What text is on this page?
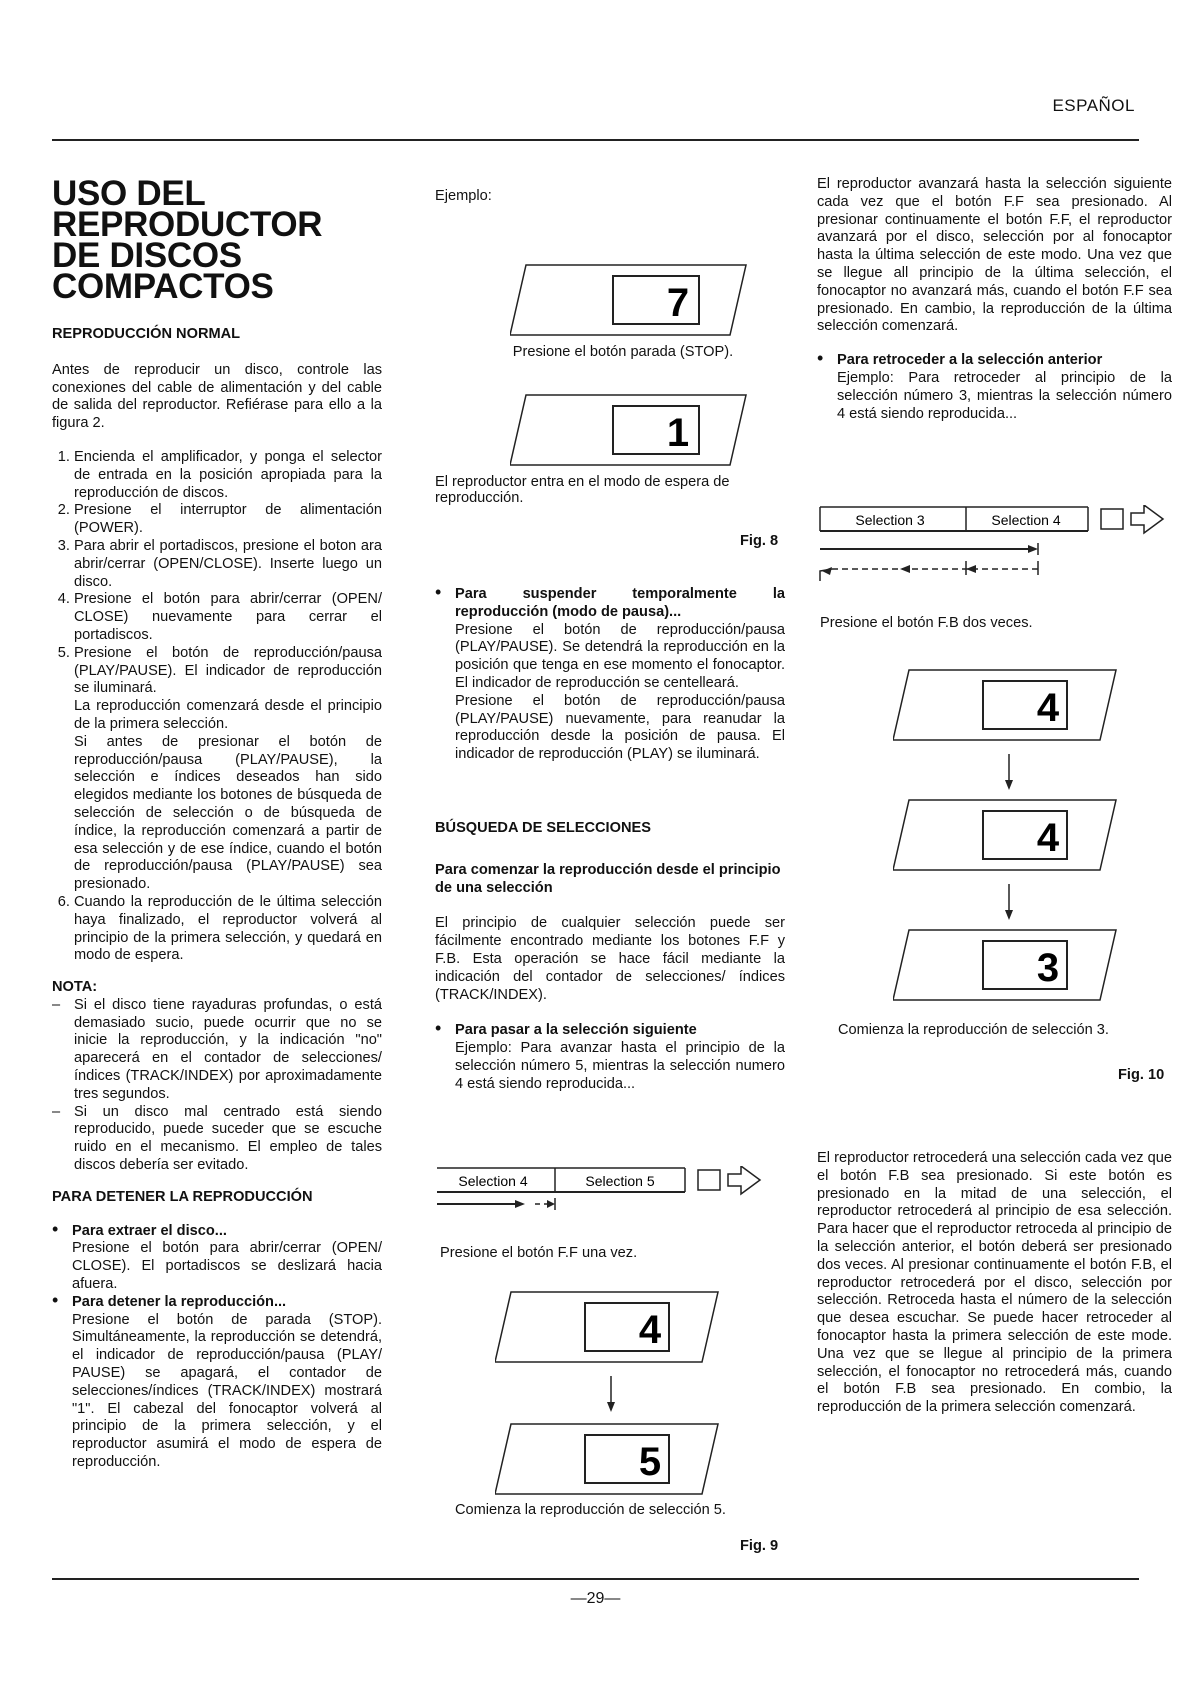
ESPAÑOL
USO DEL REPRODUCTOR DE DISCOS COMPACTOS
REPRODUCCIÓN NORMAL
Antes de reproducir un disco, controle las conexiones del cable de alimentación y del cable de salida del reproductor. Refiérase para ello a la figura 2.
1. Encienda el amplificador, y ponga el selector de entrada en la posición apropiada para la reproducción de discos.
2. Presione el interruptor de alimentación (POWER).
3. Para abrir el portadiscos, presione el boton ara abrir/cerrar (OPEN/CLOSE). Inserte luego un disco.
4. Presione el botón para abrir/cerrar (OPEN/ CLOSE) nuevamente para cerrar el portadiscos.
5. Presione el botón de reproducción/pausa (PLAY/PAUSE). El indicador de reproducción se iluminará.
La reproducción comenzará desde el principio de la primera selección.
Si antes de presionar el botón de reproducción/pausa (PLAY/PAUSE), la selección e índices deseados han sido elegidos mediante los botones de búsqueda de selección de selección o de búsqueda de índice, la reproducción comenzará a partir de esa selección y de ese índice, cuando el botón de reproducción/pausa (PLAY/PAUSE) sea presionado.
6. Cuando la reproducción de le última selección haya finalizado, el reproductor volverá al principio de la primera selección, y quedará en modo de espera.
NOTA:
– Si el disco tiene rayaduras profundas, o está demasiado sucio, puede ocurrir que no se inicie la reproducción, y la indicación "no" aparecerá en el contador de selecciones/ índices (TRACK/INDEX) por aproximadamente tres segundos.
– Si un disco mal centrado está siendo reproducido, puede suceder que se escuche ruido en el mecanismo. El empleo de tales discos debería ser evitado.
PARA DETENER LA REPRODUCCIÓN
• Para extraer el disco...
Presione el botón para abrir/cerrar (OPEN/ CLOSE). El portadiscos se deslizará hacia afuera.
• Para detener la reproducción...
Presione el botón de parada (STOP). Simultáneamente, la reproducción se detendrá, el indicador de reproducción/pausa (PLAY/ PAUSE) se apagará, el contador de selecciones/índices (TRACK/INDEX) mostrará "1". El cabezal del fonocaptor volverá al principio de la primera selección, y el reproductor asumirá el modo de espera de reproducción.
Ejemplo:
7
Presione el botón parada (STOP).
1
El reproductor entra en el modo de espera de reproducción.
Fig. 8
• Para suspender temporalmente la reproducción (modo de pausa)...
Presione el botón de reproducción/pausa (PLAY/PAUSE). Se detendrá la reproducción en la posición que tenga en ese momento el fonocaptor. El indicador de reproducción se centelleará.
Presione el botón de reproducción/pausa (PLAY/PAUSE) nuevamente, para reanudar la reproducción desde la posición de pausa. El indicador de reproducción (PLAY) se iluminará.
BÚSQUEDA DE SELECCIONES
Para comenzar la reproducción desde el principio de una selección
El principio de cualquier selección puede ser fácilmente encontrado mediante los botones F.F y F.B. Esta operación se hace fácil mediante la indicación del contador de selecciones/ índices (TRACK/INDEX).
• Para pasar a la selección siguiente
Ejemplo: Para avanzar hasta el principio de la selección número 5, mientras la selección numero 4 está siendo reproducida...
Selection 4	Selection 5
Presione el botón F.F una vez.
4
5
Comienza la reproducción de selección 5.
Fig. 9
El reproductor avanzará hasta la selección siguiente cada vez que el botón F.F sea presionado. Al presionar continuamente el botón F.F, el reproductor avanzará por el disco, selección por al fonocaptor hasta la última selección de este modo. Una vez que se llegue all principio de la última selección, el fonocaptor no avanzará más, cuando el botón F.F sea presionado. En cambio, la reproducción de la última selección comenzará.
• Para retroceder a la selección anterior
Ejemplo: Para retroceder al principio de la selección número 3, mientras la selección número 4 está siendo reproducida...
Selection 3	Selection 4
Presione el botón F.B dos veces.
4
4
3
Comienza la reproducción de selección 3.
Fig. 10
El reproductor retrocederá una selección cada vez que el botón F.B sea presionado. Si este botón es presionado en la mitad de una selección, el reproductor retrocederá al principio de esa selección. Para hacer que el reproductor retroceda al principio de la selección anterior, el botón deberá ser presionado dos veces. Al presionar continuamente el botón F.B, el reproductor retrocederá por el disco, selección por selección. Retroceda hasta el número de la selección que desea escuchar. Se puede hacer retroceder al fonocaptor hasta la primera selección de este mode. Una vez que se llegue al principio de la primera selección, el fonocaptor no retrocederá más, cuando el botón F.B sea presionado. En combio, la reproducción de la primera selección comenzará.
—29—
